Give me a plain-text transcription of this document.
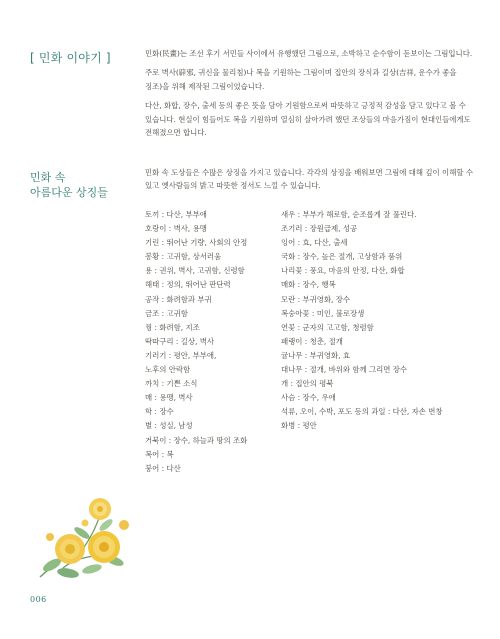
[ 민화 이야기 ]	민화(民畫)는 조선 후기 서민들 사이에서 유행했던 그림으로, 소박하고 순수함이 돋보이는 그림입니다.

주로 벽사(辟邪, 귀신을 물리침)나 복을 기원하는 그림이며 집안의 장식과 길상(吉祥, 운수가 좋을 징조)을 위해 제작된 그림이었습니다.

다산, 화합, 장수, 출세 등의 좋은 뜻을 담아 기원함으로써 따뜻하고 긍정적 감성을 담고 있다고 볼 수 있습니다. 현실이 힘들어도 복을 기원하며 열심히 살아가려 했던 조상들의 마음가짐이 현대인들에게도 전해졌으면 합니다.

민화 속
아름다운 상징들
민화 속 도상들은 수많은 상징을 가지고 있습니다. 각각의 상징을 배워보면 그림에 대해 깊이 이해할 수 있고 옛사람들의 밝고 따뜻한 정서도 느낄 수 있습니다.
토끼 : 다산, 부부애
호랑이 : 벽사, 용맹
기린 : 뛰어난 기량, 사회의 안정
봉황 : 고귀함, 상서러움
용 : 권위, 벽사, 고귀함, 신령함
해태 : 정의, 뛰어난 판단력
공작 : 화려함과 부귀
금조 : 고귀함
꿩 : 화려함, 지조
딱따구리 : 길상, 벽사
기러기 : 평안, 부부애,
노후의 안락함
까치 : 기쁜 소식
매 : 용맹, 벽사
학 : 장수
별 : 성실, 남성
거북이 : 장수, 하늘과 땅의 조화
복어 : 복
붕어 : 다산
새우 : 부부가 해로함, 순조롭게 잘 풀린다.
조기러 : 장원급제, 성공
잉어 : 효, 다산, 출세
국화 : 장수, 높은 절개, 고상함과 품위
나리꽃 : 풍요, 마음의 안정, 다산, 화합
매화 : 장수, 행복
모란 : 부귀영화, 장수
복숭아꽃 : 미인, 불로장생
연꽃 : 군자의 고고함, 청렴함
패랭이 : 청춘, 절개
귤나무 : 부귀영화, 효
대나무 : 절개, 바위와 함께 그리면 장수
개 : 집안의 평북
사슴 : 장수, 우애
석류, 오이, 수박, 포도 등의 과일 : 다산, 자손 번창
화병 : 평안
006
